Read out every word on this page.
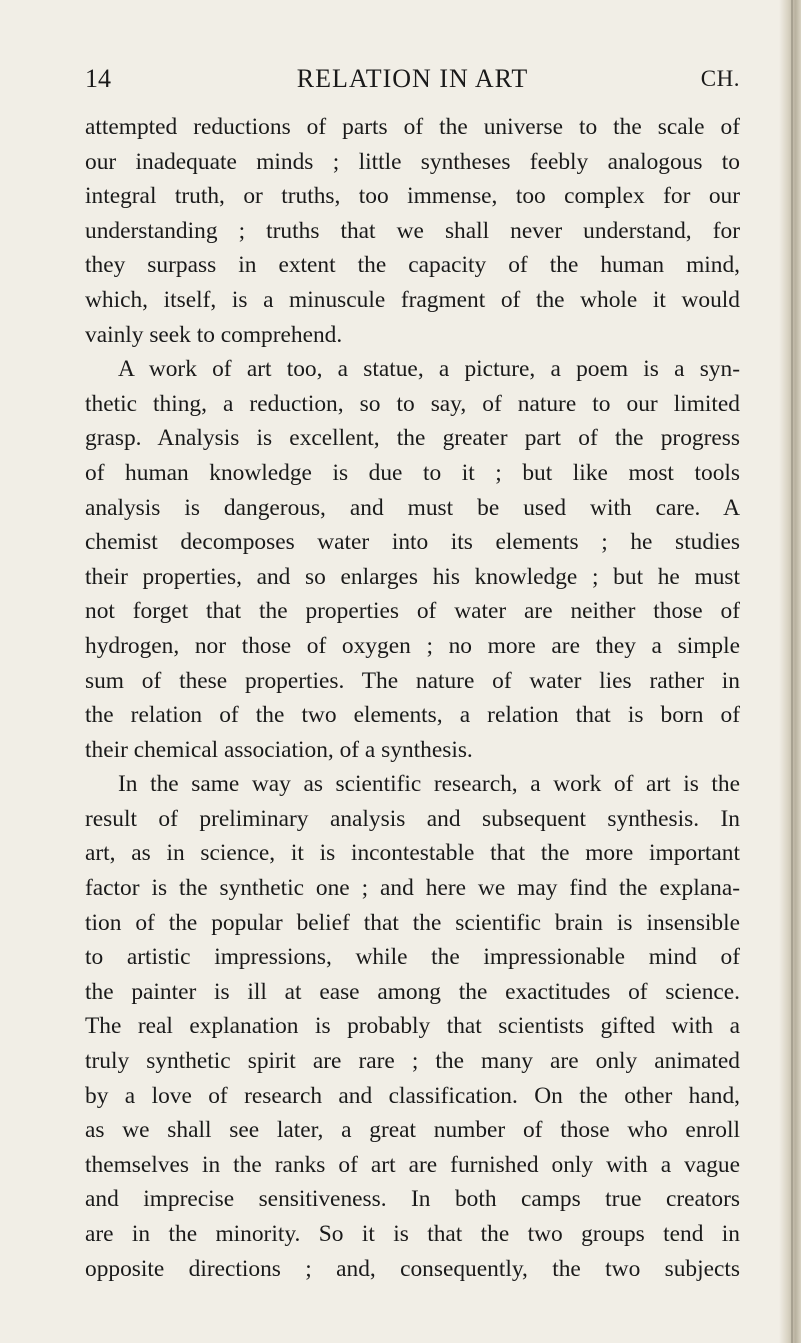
14	RELATION IN ART	CH.
attempted reductions of parts of the universe to the scale of
our inadequate minds ; little syntheses feebly analogous to
integral truth, or truths, too immense, too complex for our
understanding ; truths that we shall never understand, for
they surpass in extent the capacity of the human mind,
which, itself, is a minuscule fragment of the whole it would
vainly seek to comprehend.
A work of art too, a statue, a picture, a poem is a syn-
thetic thing, a reduction, so to say, of nature to our limited
grasp. Analysis is excellent, the greater part of the progress
of human knowledge is due to it ; but like most tools
analysis is dangerous, and must be used with care. A
chemist decomposes water into its elements ; he studies
their properties, and so enlarges his knowledge ; but he must
not forget that the properties of water are neither those of
hydrogen, nor those of oxygen ; no more are they a simple
sum of these properties. The nature of water lies rather in
the relation of the two elements, a relation that is born of
their chemical association, of a synthesis.
In the same way as scientific research, a work of art is the
result of preliminary analysis and subsequent synthesis. In
art, as in science, it is incontestable that the more important
factor is the synthetic one ; and here we may find the explana-
tion of the popular belief that the scientific brain is insensible
to artistic impressions, while the impressionable mind of
the painter is ill at ease among the exactitudes of science.
The real explanation is probably that scientists gifted with a
truly synthetic spirit are rare ; the many are only animated
by a love of research and classification. On the other hand,
as we shall see later, a great number of those who enroll
themselves in the ranks of art are furnished only with a vague
and imprecise sensitiveness. In both camps true creators
are in the minority. So it is that the two groups tend in
opposite directions ; and, consequently, the two subjects
